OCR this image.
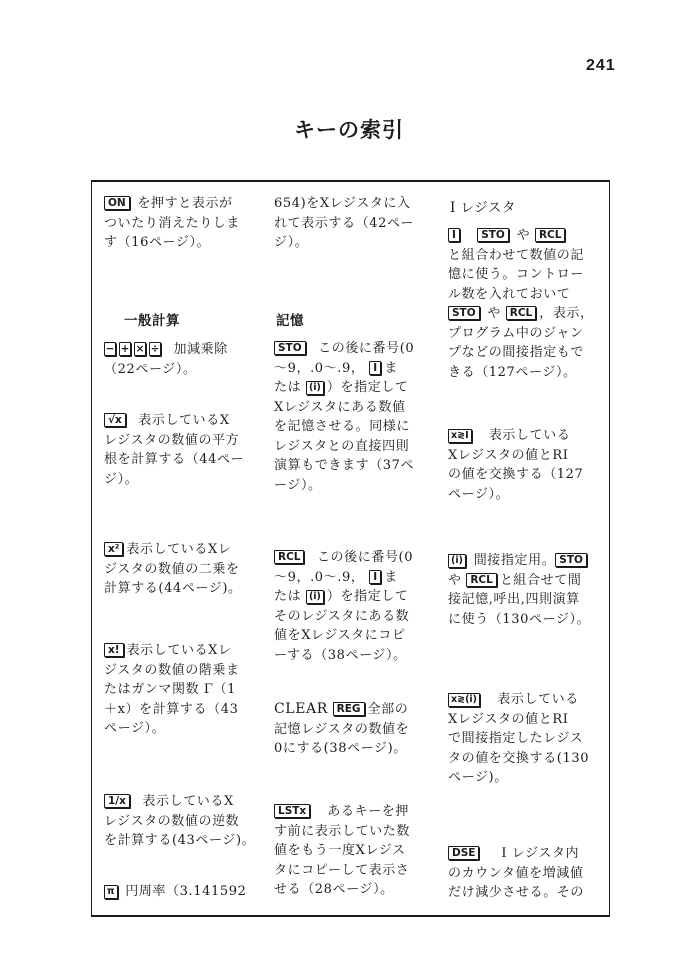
241
キーの索引
ON を押すと表示が
ついたり消えたりしま
す（16ページ）。
一般計算
− + × ÷ 加減乗除
（22ページ）。
√x 表示しているX
レジスタの数値の平方
根を計算する（44ペー
ジ）。
x² 表示しているXレ
ジスタの数値の二乗を
計算する(44ページ)。
x! 表示しているXレ
ジスタの数値の階乗ま
たはガンマ関数 Γ（1
＋x）を計算する（43
ページ）。
1/x 表示しているX
レジスタの数値の逆数
を計算する(43ページ)。
π 円周率（3.141592
654)をXレジスタに入
れて表示する（42ペー
ジ）。
記憶
STO この後に番号(0
〜9，.0〜.9， I ま
たは (i) ）を指定して
Xレジスタにある数値
を記憶させる。同様に
レジスタとの直接四則
演算もできます（37ペ
ージ）。
RCL この後に番号(0
〜9，.0〜.9， I ま
たは (i) ）を指定して
そのレジスタにある数
値をXレジスタにコピ
ーする（38ページ）。
CLEAR REG 全部の
記憶レジスタの数値を
0にする(38ページ)。
LSTx あるキーを押
す前に表示していた数
値をもう一度Xレジス
タにコピーして表示さ
せる（28ページ）。
I レジスタ
I STO や RCL
と組合わせて数値の記
憶に使う。コントロー
ル数を入れておいて
STO や RCL ，表示，
プログラム中のジャン
プなどの間接指定もで
きる（127ページ）。
x≷I 表示している
Xレジスタの値とRI
の値を交換する（127
ページ）。
(i) 間接指定用。 STO
や RCL と組合せて間
接記憶,呼出,四則演算
に使う（130ページ）。
x≷(i) 表示している
Xレジスタの値とRI
で間接指定したレジス
タの値を交換する(130
ページ)。
DSE I レジスタ内
のカウンタ値を増減値
だけ減少させる。その
